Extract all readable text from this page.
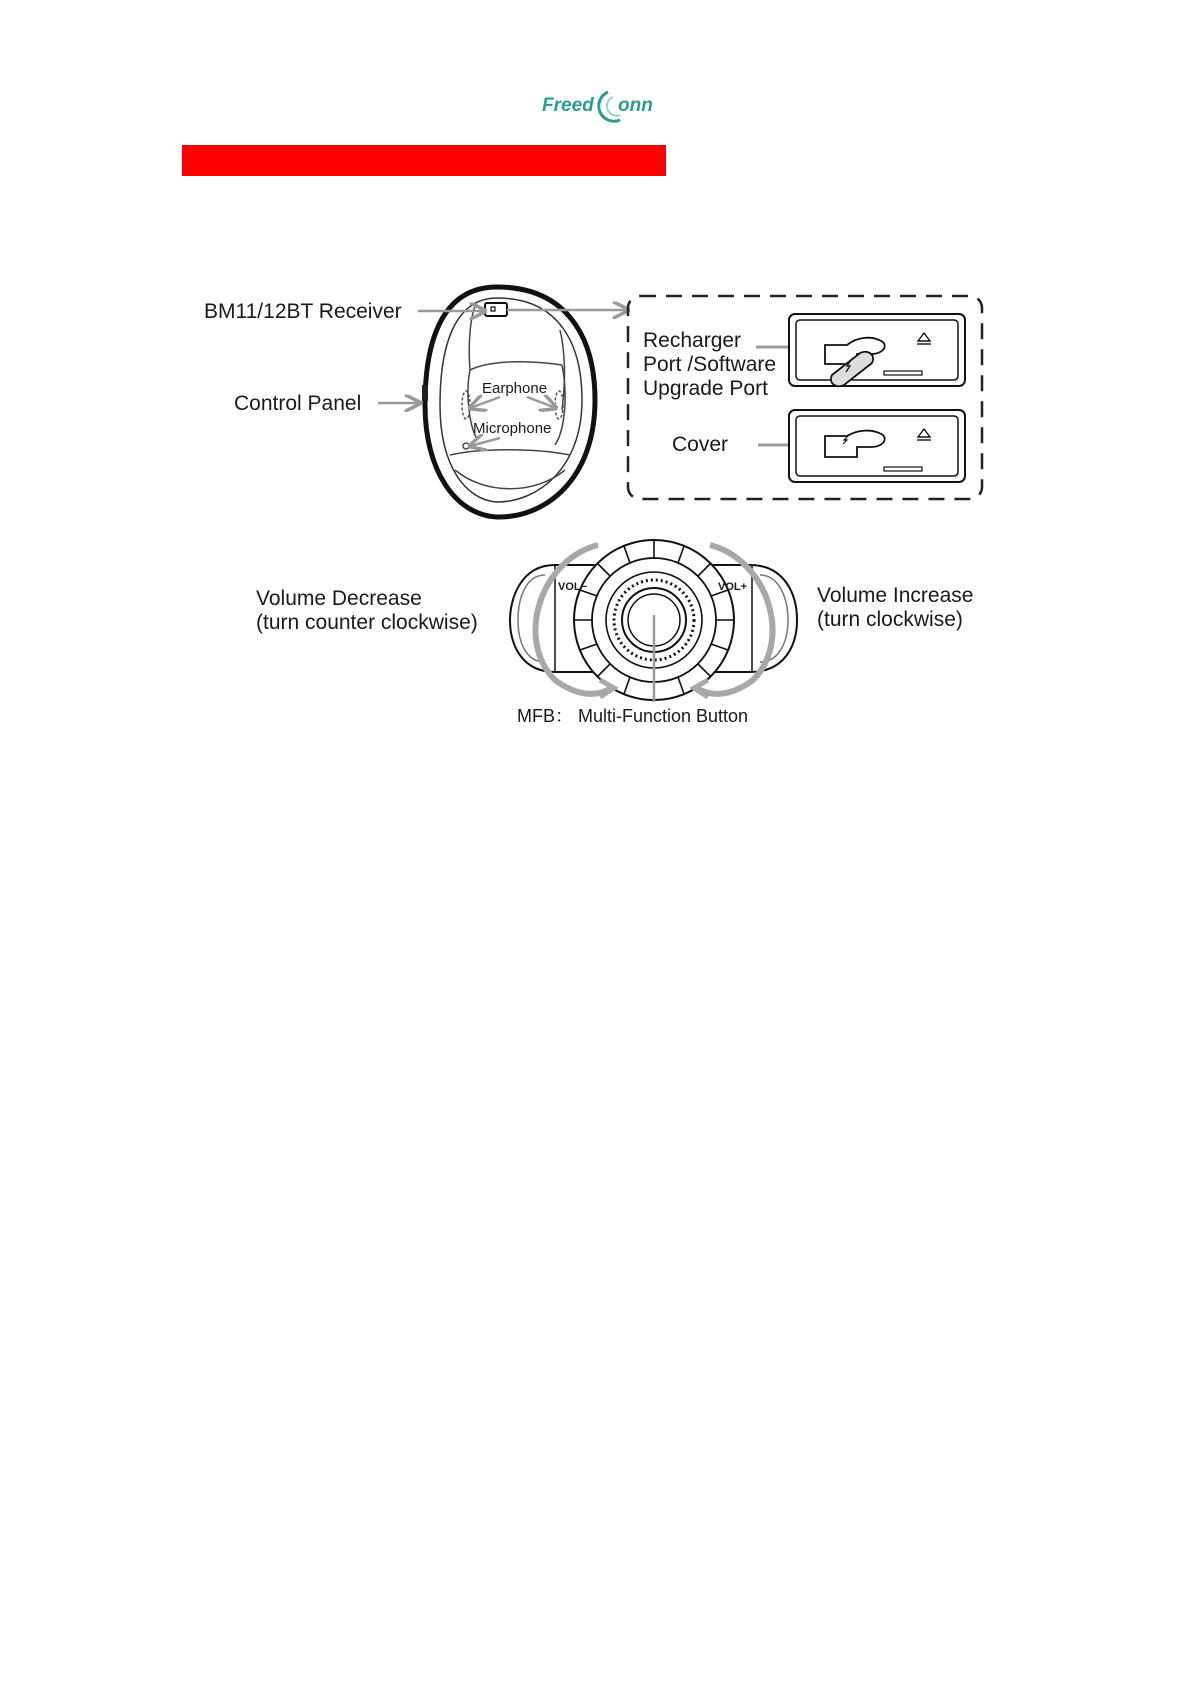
Freed onn
BM11/12BT Receiver
Control Panel
Earphone
Microphone
Recharger
Port /Software
Upgrade Port
Cover
VOL−	VOL+
Volume Decrease
(turn counter clockwise)
Volume Increase
(turn clockwise)
MFB： Multi-Function Button
